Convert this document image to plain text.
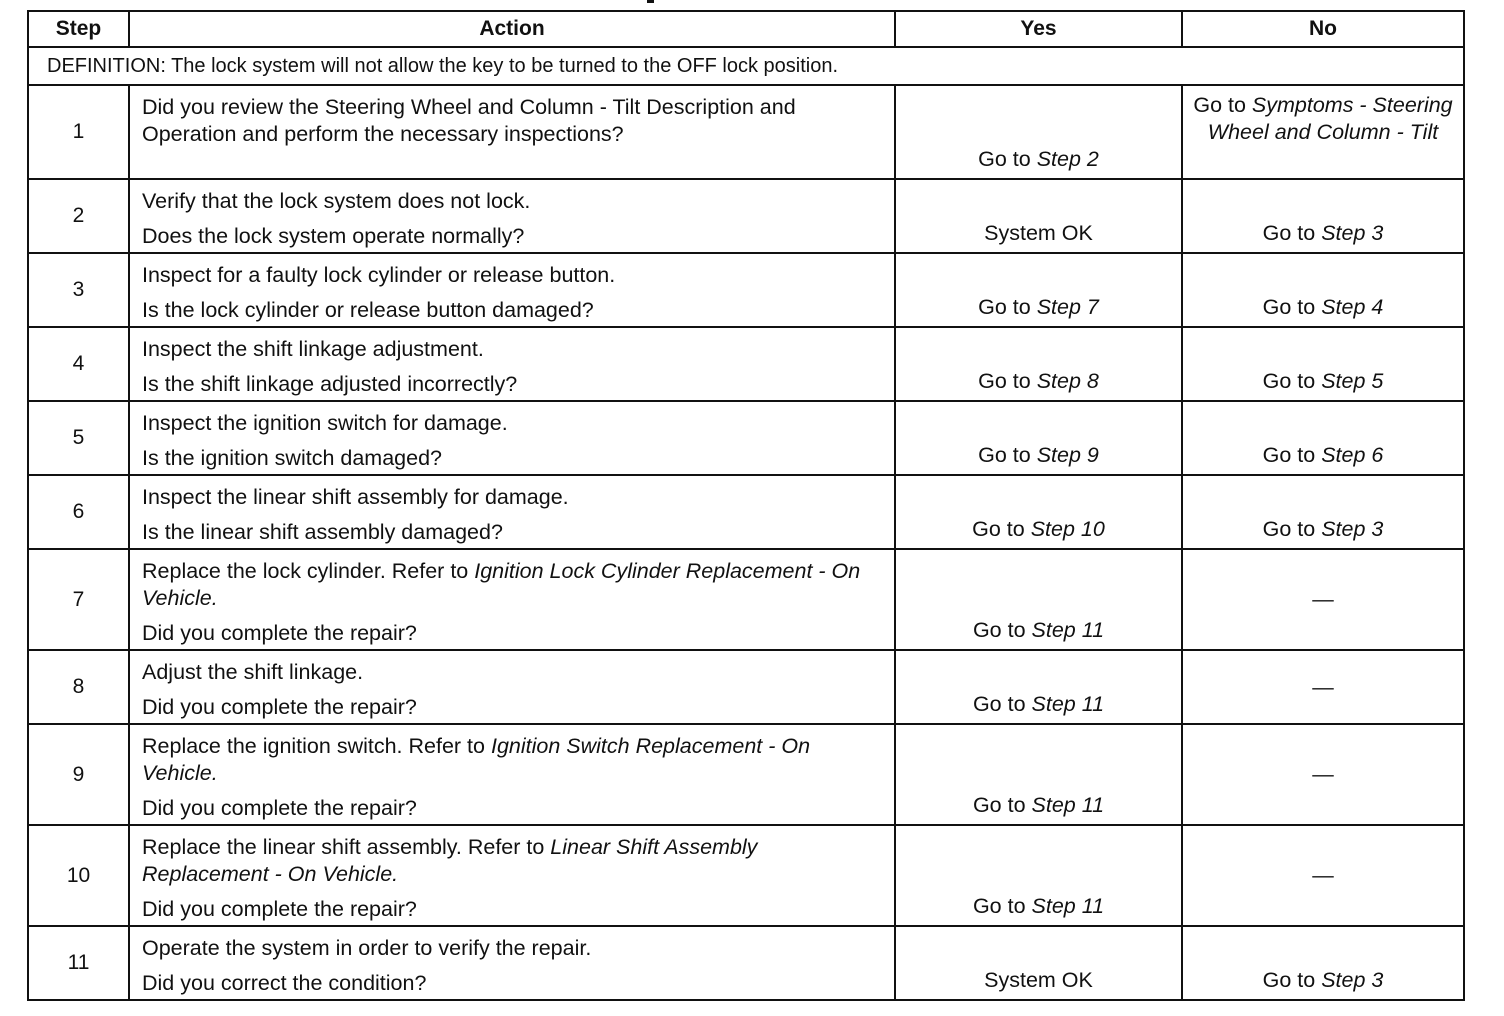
Step	Action	Yes	No
DEFINITION: The lock system will not allow the key to be turned to the OFF lock position.			
1	Did you review the Steering Wheel and Column - Tilt Description and Operation and perform the necessary inspections?	Go to Step 2	Go to Symptoms - Steering Wheel and Column - Tilt
2	Verify that the lock system does not lock.

Does the lock system operate normally?	System OK	Go to Step 3
3	Inspect for a faulty lock cylinder or release button.

Is the lock cylinder or release button damaged?	Go to Step 7	Go to Step 4
4	Inspect the shift linkage adjustment.

Is the shift linkage adjusted incorrectly?	Go to Step 8	Go to Step 5
5	Inspect the ignition switch for damage.

Is the ignition switch damaged?	Go to Step 9	Go to Step 6
6	Inspect the linear shift assembly for damage.

Is the linear shift assembly damaged?	Go to Step 10	Go to Step 3
7	Replace the lock cylinder. Refer to Ignition Lock Cylinder Replacement - On Vehicle.

Did you complete the repair?	Go to Step 11	—
8	Adjust the shift linkage.

Did you complete the repair?	Go to Step 11	—
9	Replace the ignition switch. Refer to Ignition Switch Replacement - On Vehicle.

Did you complete the repair?	Go to Step 11	—
10	Replace the linear shift assembly. Refer to Linear Shift Assembly Replacement - On Vehicle.

Did you complete the repair?	Go to Step 11	—
11	Operate the system in order to verify the repair.

Did you correct the condition?	System OK	Go to Step 3
